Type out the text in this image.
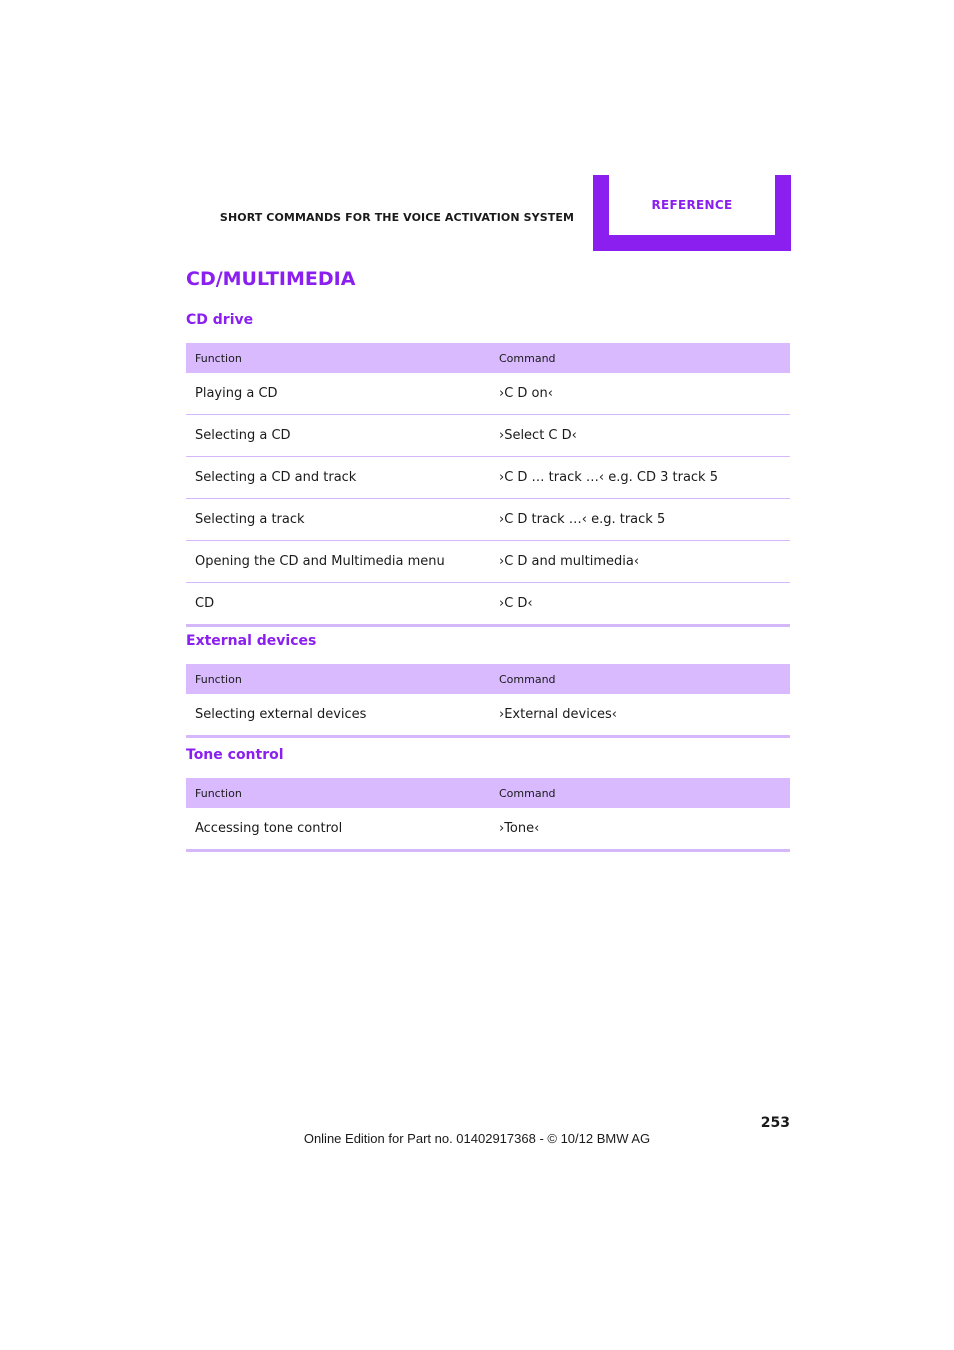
SHORT COMMANDS FOR THE VOICE ACTIVATION SYSTEM
REFERENCE
CD/MULTIMEDIA
CD drive
Function	Command
Playing a CD	›C D on‹
Selecting a CD	›Select C D‹
Selecting a CD and track	›C D … track …‹ e.g. CD 3 track 5
Selecting a track	›C D track …‹ e.g. track 5
Opening the CD and Multimedia menu	›C D and multimedia‹
CD	›C D‹
External devices
Function	Command
Selecting external devices	›External devices‹
Tone control
Function	Command
Accessing tone control	›Tone‹
253
Online Edition for Part no. 01402917368 - © 10/12 BMW AG
